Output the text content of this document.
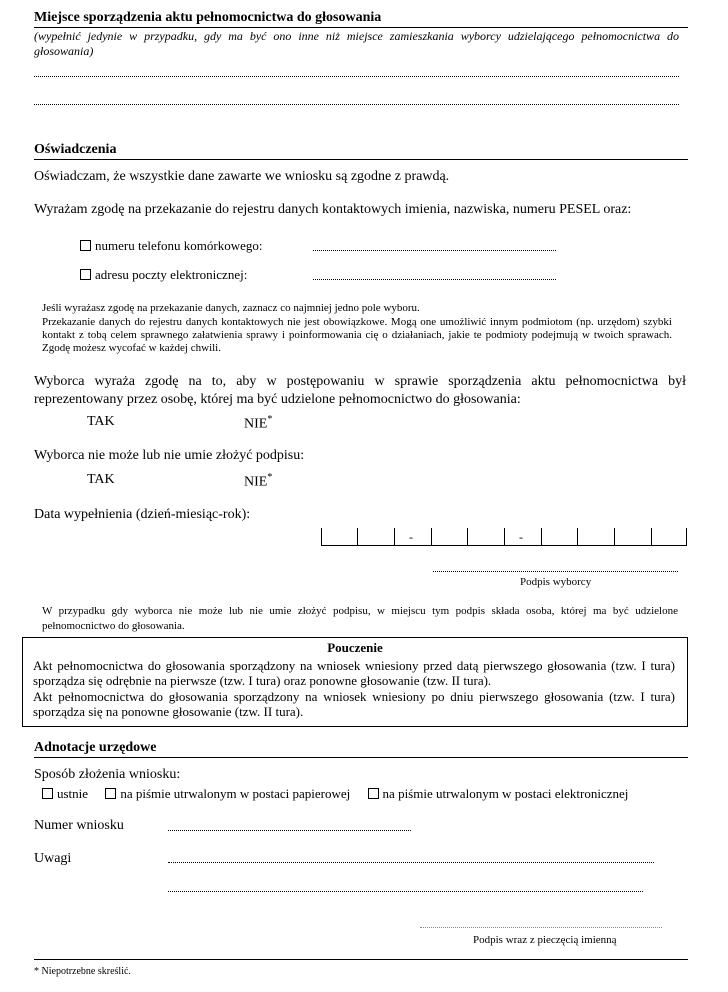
Miejsce sporządzenia aktu pełnomocnictwa do głosowania
(wypełnić jedynie w przypadku, gdy ma być ono inne niż miejsce zamieszkania wyborcy udzielającego pełnomocnictwa do głosowania)
Oświadczenia
Oświadczam, że wszystkie dane zawarte we wniosku są zgodne z prawdą.
Wyrażam zgodę na przekazanie do rejestru danych kontaktowych imienia, nazwiska, numeru PESEL oraz:
numeru telefonu komórkowego:
adresu poczty elektronicznej:
Jeśli wyrażasz zgodę na przekazanie danych, zaznacz co najmniej jedno pole wyboru.
Przekazanie danych do rejestru danych kontaktowych nie jest obowiązkowe. Mogą one umożliwić innym podmiotom (np. urzędom) szybki kontakt z tobą celem sprawnego załatwienia sprawy i poinformowania cię o działaniach, jakie te podmioty podejmują w twoich sprawach. Zgodę możesz wycofać w każdej chwili.
Wyborca wyraża zgodę na to, aby w postępowaniu w sprawie sporządzenia aktu pełnomocnictwa był reprezentowany przez osobę, której ma być udzielone pełnomocnictwo do głosowania:
TAK	NIE*
Wyborca nie może lub nie umie złożyć podpisu:
TAK	NIE*
Data wypełnienia (dzień-miesiąc-rok):
-	-
Podpis wyborcy
W przypadku gdy wyborca nie może lub nie umie złożyć podpisu, w miejscu tym podpis składa osoba, której ma być udzielone pełnomocnictwo do głosowania.
Pouczenie
Akt pełnomocnictwa do głosowania sporządzony na wniosek wniesiony przed datą pierwszego głosowania (tzw. I tura) sporządza się odrębnie na pierwsze (tzw. I tura) oraz ponowne głosowanie (tzw. II tura).
Akt pełnomocnictwa do głosowania sporządzony na wniosek wniesiony po dniu pierwszego głosowania (tzw. I tura) sporządza się na ponowne głosowanie (tzw. II tura).
Adnotacje urzędowe
Sposób złożenia wniosku:
ustnie na piśmie utrwalonym w postaci papierowej na piśmie utrwalonym w postaci elektronicznej
Numer wniosku
Uwagi
Podpis wraz z pieczęcią imienną
* Niepotrzebne skreślić.
